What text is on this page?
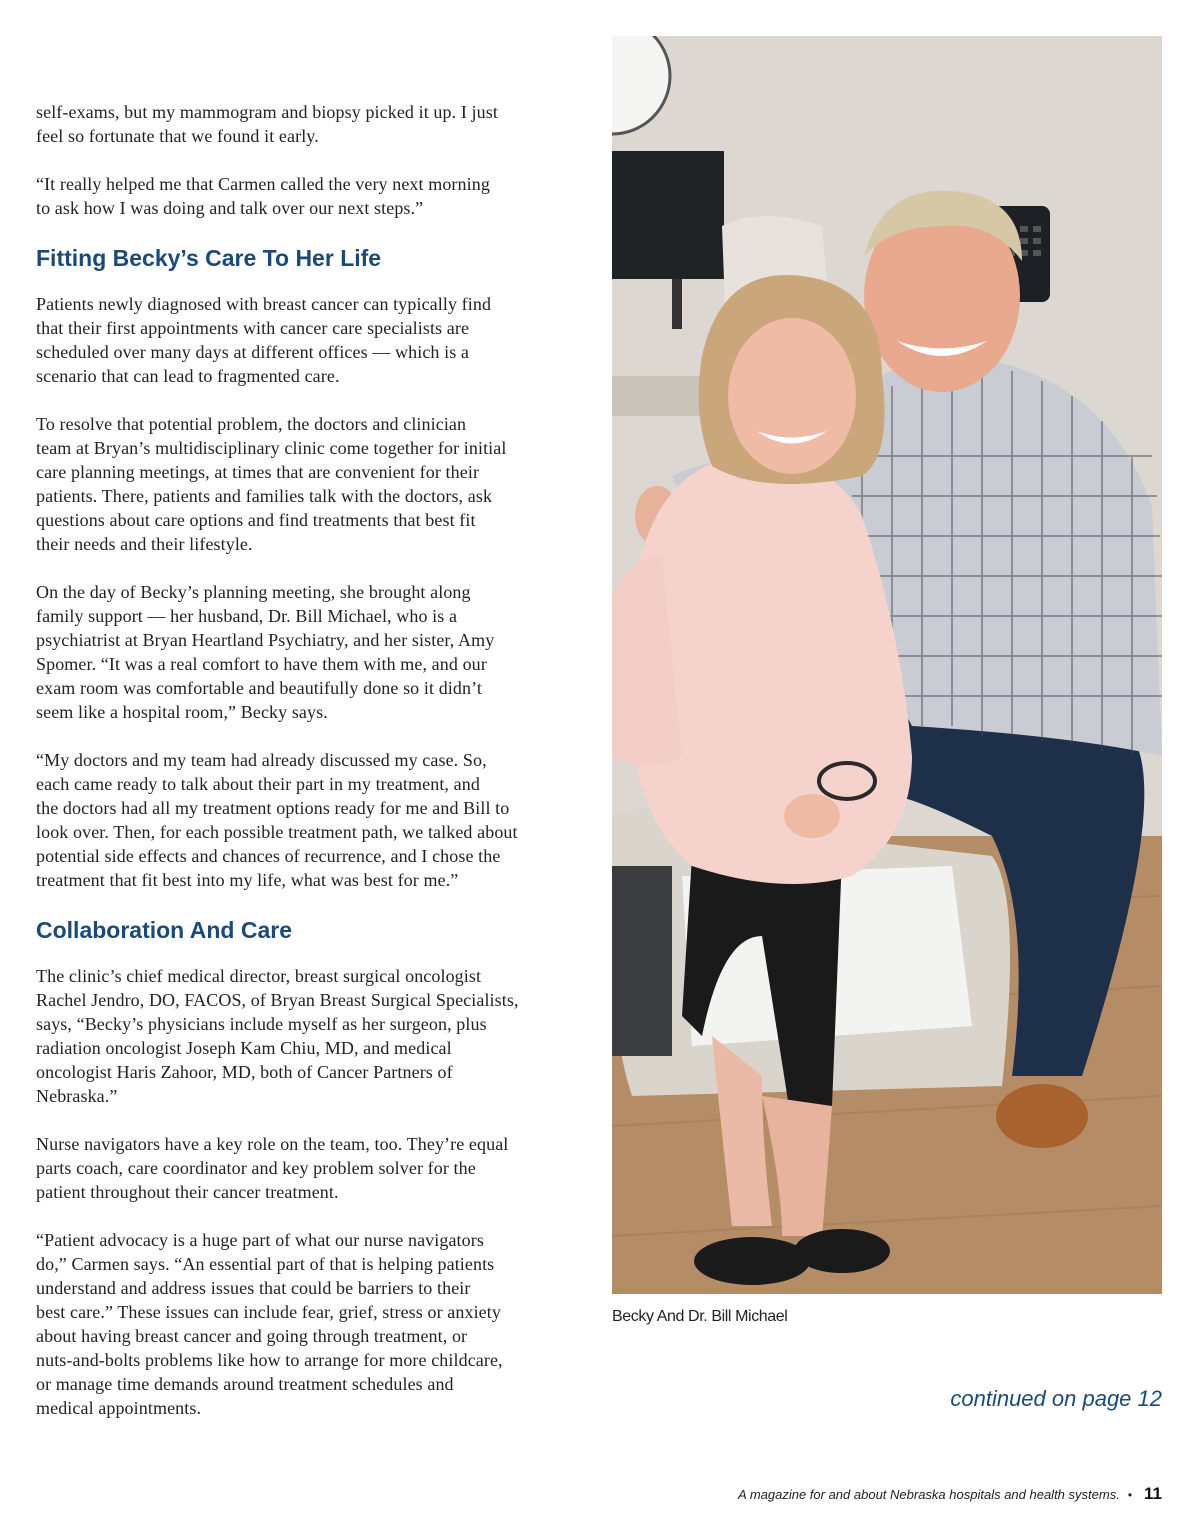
self-exams, but my mammogram and biopsy picked it up. I just
feel so fortunate that we found it early.

“It really helped me that Carmen called the very next morning
to ask how I was doing and talk over our next steps.”

Fitting Becky’s Care To Her Life

Patients newly diagnosed with breast cancer can typically find
that their first appointments with cancer care specialists are
scheduled over many days at different offices — which is a
scenario that can lead to fragmented care.

To resolve that potential problem, the doctors and clinician
team at Bryan’s multidisciplinary clinic come together for initial
care planning meetings, at times that are convenient for their
patients. There, patients and families talk with the doctors, ask
questions about care options and find treatments that best fit
their needs and their lifestyle.

On the day of Becky’s planning meeting, she brought along
family support — her husband, Dr. Bill Michael, who is a
psychiatrist at Bryan Heartland Psychiatry, and her sister, Amy
Spomer. “It was a real comfort to have them with me, and our
exam room was comfortable and beautifully done so it didn’t
seem like a hospital room,” Becky says.

“My doctors and my team had already discussed my case. So,
each came ready to talk about their part in my treatment, and
the doctors had all my treatment options ready for me and Bill to
look over. Then, for each possible treatment path, we talked about
potential side effects and chances of recurrence, and I chose the
treatment that fit best into my life, what was best for me.”

Collaboration And Care

The clinic’s chief medical director, breast surgical oncologist
Rachel Jendro, DO, FACOS, of Bryan Breast Surgical Specialists,
says, “Becky’s physicians include myself as her surgeon, plus
radiation oncologist Joseph Kam Chiu, MD, and medical
oncologist Haris Zahoor, MD, both of Cancer Partners of
Nebraska.”

Nurse navigators have a key role on the team, too. They’re equal
parts coach, care coordinator and key problem solver for the
patient throughout their cancer treatment.

“Patient advocacy is a huge part of what our nurse navigators
do,” Carmen says. “An essential part of that is helping patients
understand and address issues that could be barriers to their
best care.” These issues can include fear, grief, stress or anxiety
about having breast cancer and going through treatment, or
nuts-and-bolts problems like how to arrange for more childcare,
or manage time demands around treatment schedules and
medical appointments.

Becky And Dr. Bill Michael
continued on page 12
A magazine for and about Nebraska hospitals and health systems. • 11
